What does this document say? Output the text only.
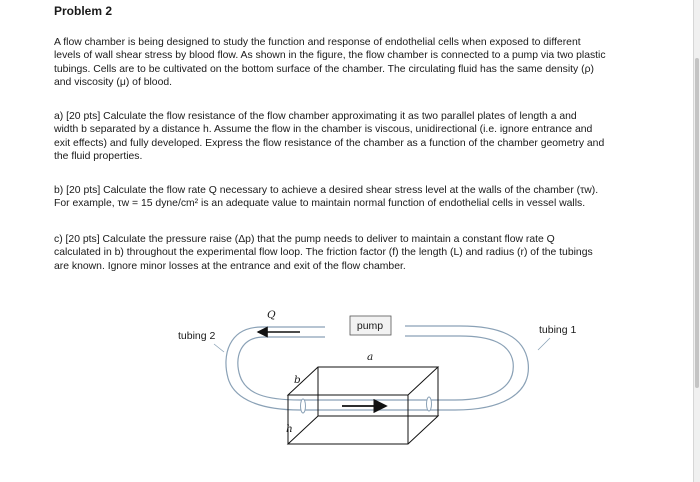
Problem 2
A flow chamber is being designed to study the function and response of endothelial cells when exposed to different
levels of wall shear stress by blood flow. As shown in the figure, the flow chamber is connected to a pump via two plastic
tubings. Cells are to be cultivated on the bottom surface of the chamber. The circulating fluid has the same density (ρ)
and viscosity (μ) of blood.
a) [20 pts] Calculate the flow resistance of the flow chamber approximating it as two parallel plates of length a and
width b separated by a distance h. Assume the flow in the chamber is viscous, unidirectional (i.e. ignore entrance and
exit effects) and fully developed. Express the flow resistance of the chamber as a function of the chamber geometry and
the fluid properties.
b) [20 pts] Calculate the flow rate Q necessary to achieve a desired shear stress level at the walls of the chamber (τw).
For example, τw = 15 dyne/cm² is an adequate value to maintain normal function of endothelial cells in vessel walls.
c) [20 pts] Calculate the pressure raise (Δp) that the pump needs to deliver to maintain a constant flow rate Q
calculated in b) throughout the experimental flow loop. The friction factor (f) the length (L) and radius (r) of the tubings
are known. Ignore minor losses at the entrance and exit of the flow chamber.
pump
Q
tubing 2	tubing 1
a
b
h
